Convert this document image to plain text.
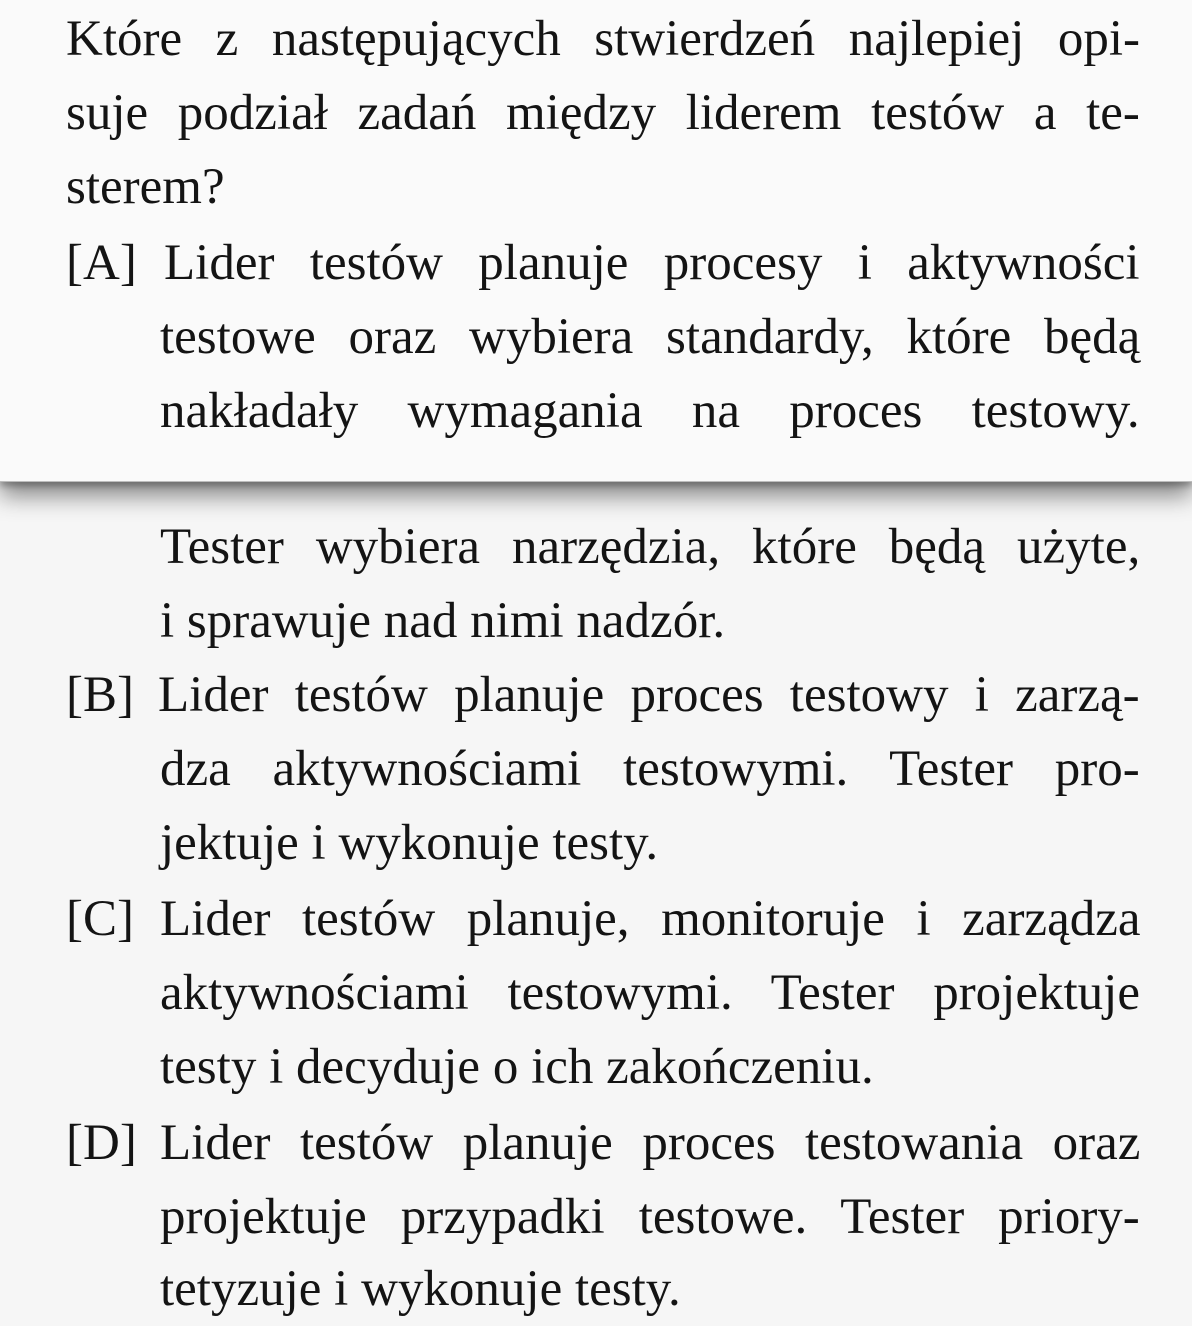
Które z następujących stwierdzeń najlepiej opi-
suje podział zadań między liderem testów a te-
sterem?
[A] Lider testów planuje procesy i aktywności
testowe oraz wybiera standardy, które będą
nakładały wymagania na proces testowy.
Tester wybiera narzędzia, które będą użyte,
i sprawuje nad nimi nadzór.
[B] Lider testów planuje proces testowy i zarzą-
dza aktywnościami testowymi. Tester pro-
jektuje i wykonuje testy.
[C] Lider testów planuje, monitoruje i zarządza
aktywnościami testowymi. Tester projektuje
testy i decyduje o ich zakończeniu.
[D] Lider testów planuje proces testowania oraz
projektuje przypadki testowe. Tester priory-
tetyzuje i wykonuje testy.
